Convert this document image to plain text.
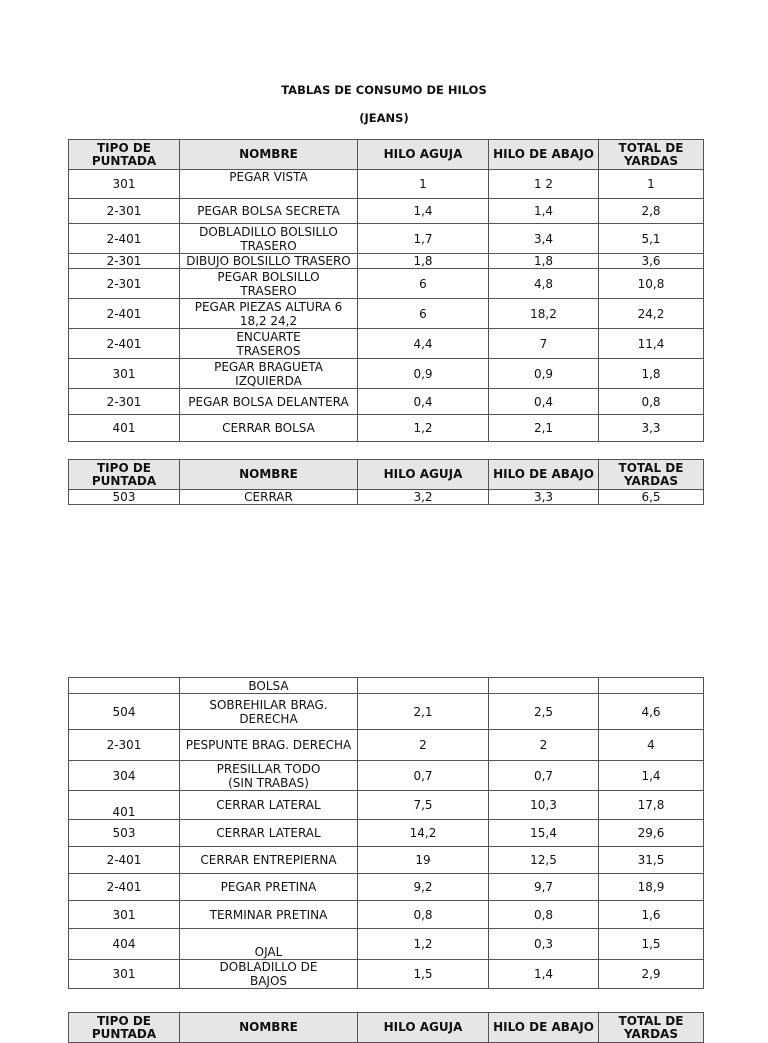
TABLAS DE CONSUMO DE HILOS
(JEANS)
TIPO DE
PUNTADA	NOMBRE	HILO AGUJA	HILO DE ABAJO	TOTAL DE
YARDAS
301	PEGAR VISTA	1	1 2	1
2-301	PEGAR BOLSA SECRETA	1,4	1,4	2,8
2-401	DOBLADILLO BOLSILLO
TRASERO	1,7	3,4	5,1
2-301	DIBUJO BOLSILLO TRASERO	1,8	1,8	3,6
2-301	PEGAR BOLSILLO
TRASERO	6	4,8	10,8
2-401	PEGAR PIEZAS ALTURA 6
18,2 24,2	6	18,2	24,2
2-401	ENCUARTE
TRASEROS	4,4	7	11,4
301	PEGAR BRAGUETA
IZQUIERDA	0,9	0,9	1,8
2-301	PEGAR BOLSA DELANTERA	0,4	0,4	0,8
401	CERRAR BOLSA	1,2	2,1	3,3
TIPO DE
PUNTADA	NOMBRE	HILO AGUJA	HILO DE ABAJO	TOTAL DE
YARDAS
503	CERRAR	3,2	3,3	6,5
	BOLSA			
504	SOBREHILAR BRAG.
DERECHA	2,1	2,5	4,6
2-301	PESPUNTE BRAG. DERECHA	2	2	4
304	PRESILLAR TODO
(SIN TRABAS)	0,7	0,7	1,4
401	CERRAR LATERAL	7,5	10,3	17,8
503	CERRAR LATERAL	14,2	15,4	29,6
2-401	CERRAR ENTREPIERNA	19	12,5	31,5
2-401	PEGAR PRETINA	9,2	9,7	18,9
301	TERMINAR PRETINA	0,8	0,8	1,6
404	OJAL	1,2	0,3	1,5
301	DOBLADILLO DE
BAJOS	1,5	1,4	2,9
TIPO DE
PUNTADA	NOMBRE	HILO AGUJA	HILO DE ABAJO	TOTAL DE
YARDAS
